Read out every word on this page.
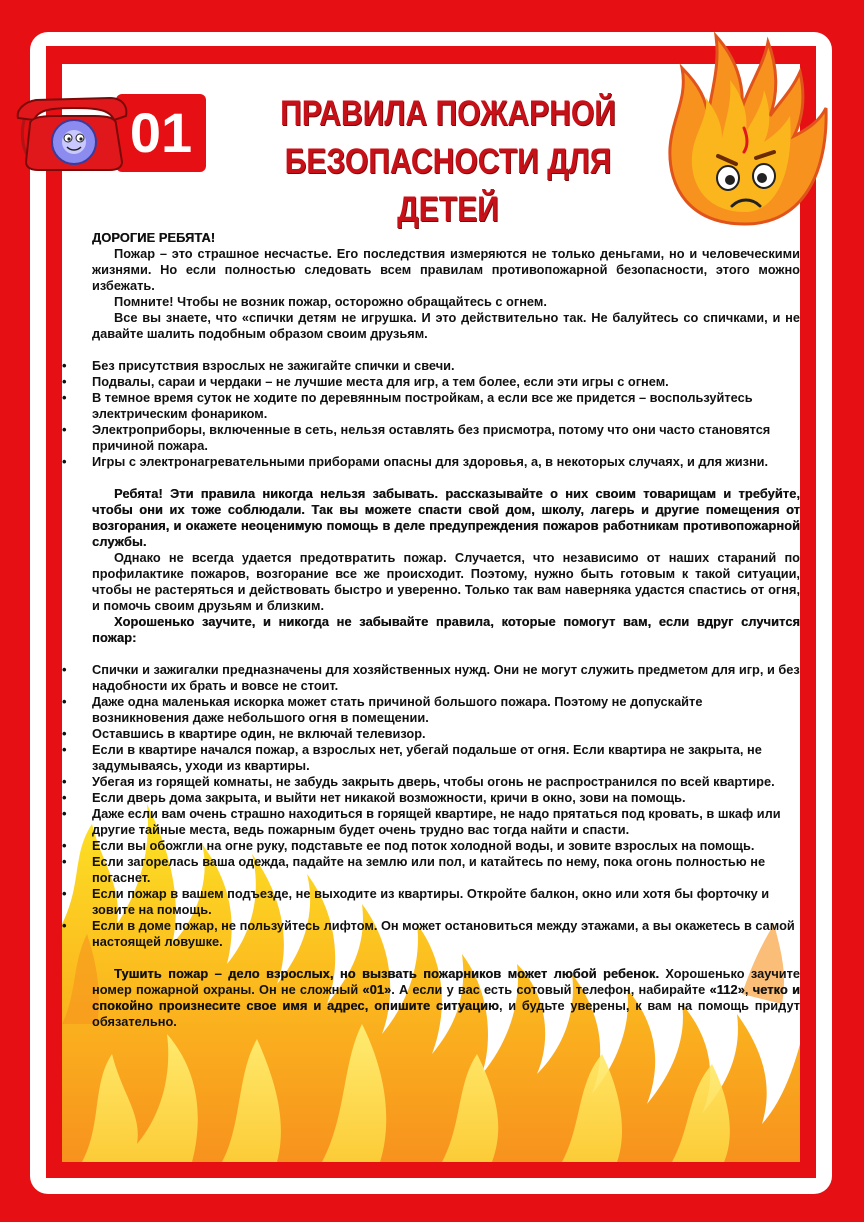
ДОРОГИЕ РЕБЯТА!

Пожар – это страшное несчастье. Его последствия измеряются не только деньгами, но и человеческими жизнями. Но если полностью следовать всем правилам противопожарной безопасности, этого можно избежать.

Помните! Чтобы не возник пожар, осторожно обращайтесь с огнем.

Все вы знаете, что «спички детям не игрушка. И это действительно так. Не балуйтесь со спичками, и не давайте шалить подобным образом своим друзьям.

• Без присутствия взрослых не зажигайте спички и свечи.
• Подвалы, сараи и чердаки – не лучшие места для игр, а тем более, если эти игры с огнем.
• В темное время суток не ходите по деревянным постройкам, а если все же придется – воспользуйтесь электрическим фонариком.
• Электроприборы, включенные в сеть, нельзя оставлять без присмотра, потому что они часто становятся причиной пожара.
• Игры с электронагревательными приборами опасны для здоровья, а, в некоторых случаях, и для жизни.

Ребята! Эти правила никогда нельзя забывать. рассказывайте о них своим товарищам и требуйте, чтобы они их тоже соблюдали. Так вы можете спасти свой дом, школу, лагерь и другие помещения от возгорания, и окажете неоценимую помощь в деле предупреждения пожаров работникам противопожарной службы.

Однако не всегда удается предотвратить пожар. Случается, что независимо от наших стараний по профилактике пожаров, возгорание все же происходит. Поэтому, нужно быть готовым к такой ситуации, чтобы не растеряться и действовать быстро и уверенно. Только так вам наверняка удастся спастись от огня, и помочь своим друзьям и близким.

Хорошенько заучите, и никогда не забывайте правила, которые помогут вам, если вдруг случится пожар:

• Спички и зажигалки предназначены для хозяйственных нужд. Они не могут служить предметом для игр, и без надобности их брать и вовсе не стоит.
• Даже одна маленькая искорка может стать причиной большого пожара. Поэтому не допускайте возникновения даже небольшого огня в помещении.
• Оставшись в квартире один, не включай телевизор.
• Если в квартире начался пожар, а взрослых нет, убегай подальше от огня. Если квартира не закрыта, не задумываясь, уходи из квартиры.
• Убегая из горящей комнаты, не забудь закрыть дверь, чтобы огонь не распространился по всей квартире.
• Если дверь дома закрыта, и выйти нет никакой возможности, кричи в окно, зови на помощь.
• Даже если вам очень страшно находиться в горящей квартире, не надо прятаться под кровать, в шкаф или другие тайные места, ведь пожарным будет очень трудно вас тогда найти и спасти.
• Если вы обожгли на огне руку, подставьте ее под поток холодной воды, и зовите взрослых на помощь.
• Если загорелась ваша одежда, падайте на землю или пол, и катайтесь по нему, пока огонь полностью не погаснет.
• Если пожар в вашем подъезде, не выходите из квартиры. Откройте балкон, окно или хотя бы форточку и зовите на помощь.
• Если в доме пожар, не пользуйтесь лифтом. Он может остановиться между этажами, а вы окажетесь в самой настоящей ловушке.

Тушить пожар – дело взрослых, но вызвать пожарников может любой ребенок. Хорошенько заучите номер пожарной охраны. Он не сложный «01». А если у вас есть сотовый телефон, набирайте «112», четко и спокойно произнесите свое имя и адрес, опишите ситуацию, и будьте уверены, к вам на помощь придут обязательно.

ПРАВИЛА ПОЖАРНОЙ
БЕЗОПАСНОСТИ ДЛЯ ДЕТЕЙ
01
